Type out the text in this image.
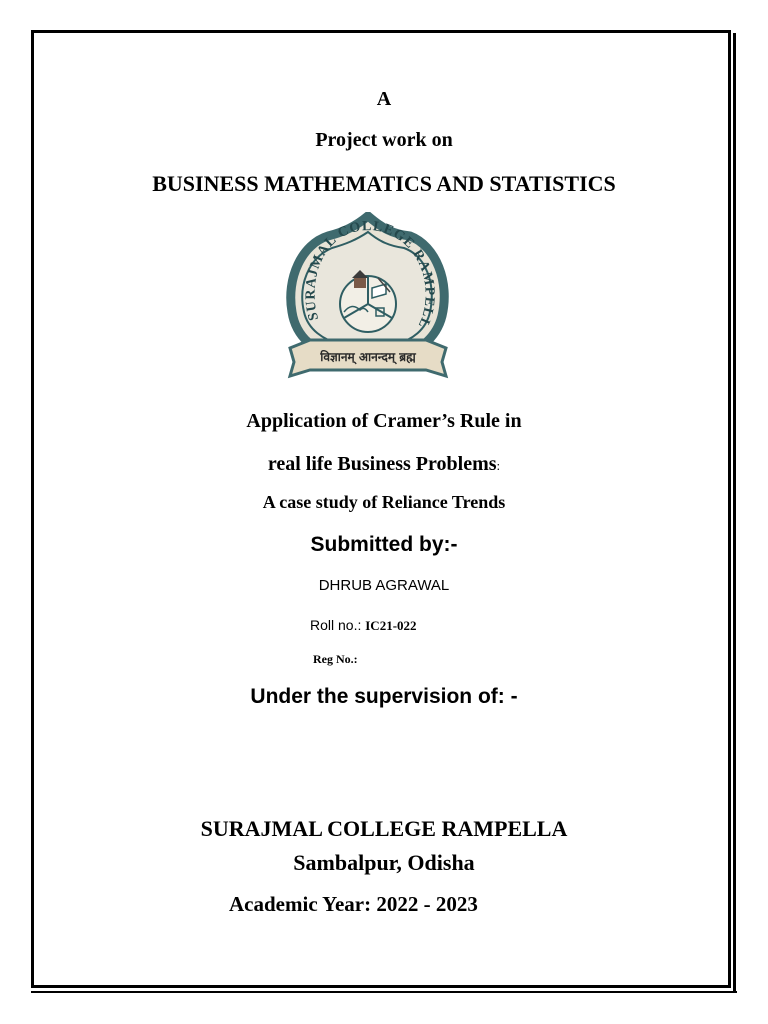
A
Project work on
BUSINESS MATHEMATICS AND STATISTICS
SURAJMAL COLLEGE RAMPELL
विज्ञानम् आनन्दम् ब्रह्म
Application of Cramer’s Rule in
real life Business Problems:
A case study of Reliance Trends
Submitted by:-
DHRUB AGRAWAL
Roll no.: IC21-022
Reg No.:
Under the supervision of: -
SURAJMAL COLLEGE RAMPELLA
Sambalpur, Odisha
Academic Year: 2022 - 2023
